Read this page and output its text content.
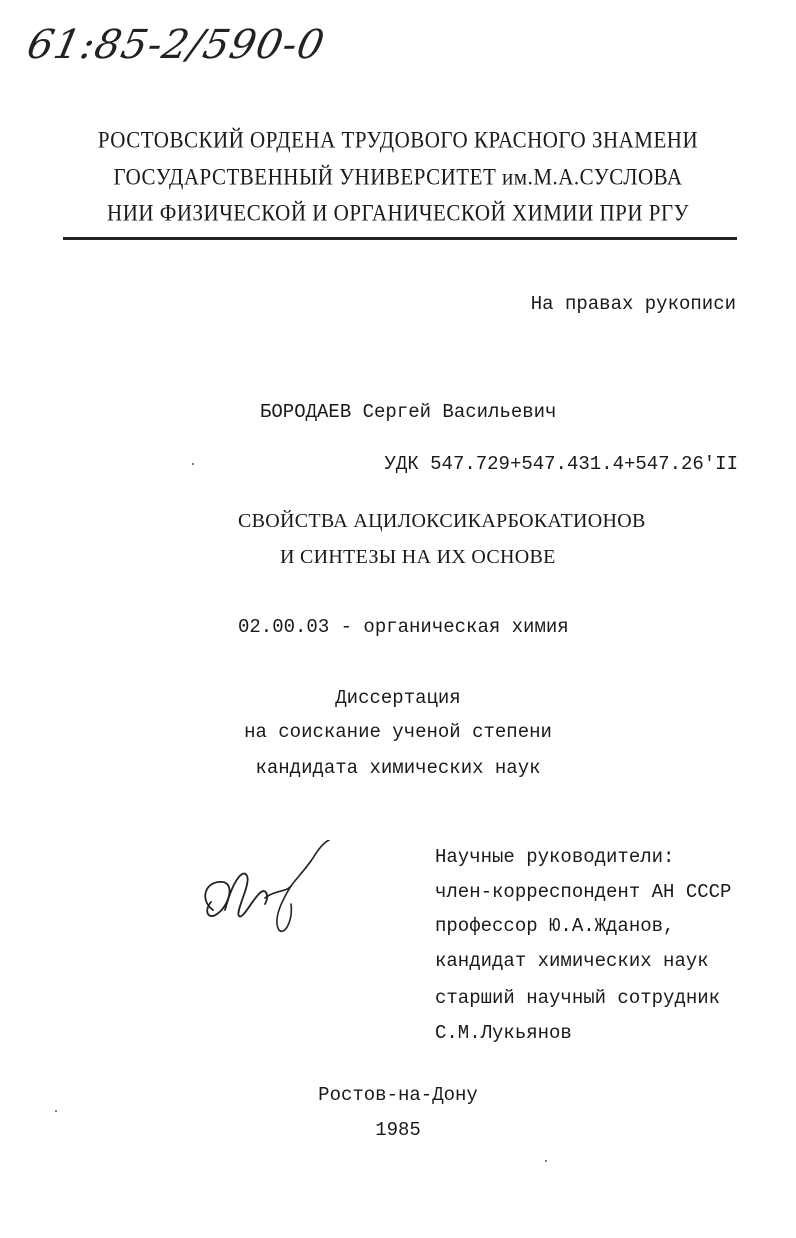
61:85-2/590-0
РОСТОВСКИЙ ОРДЕНА ТРУДОВОГО КРАСНОГО ЗНАМЕНИ
ГОСУДАРСТВЕННЫЙ УНИВЕРСИТЕТ им.М.А.СУСЛОВА
НИИ ФИЗИЧЕСКОЙ И ОРГАНИЧЕСКОЙ ХИМИИ ПРИ РГУ
На правах рукописи
БОРОДАЕВ Сергей Васильевич
УДК 547.729+547.431.4+547.26'II
СВОЙСТВА АЦИЛОКСИКАРБОКАТИОНОВ
И СИНТЕЗЫ НА ИХ ОСНОВЕ
02.00.03 - органическая химия
Диссертация
на соискание ученой степени
кандидата химических наук
Научные руководители:
член-корреспондент АН СССР
профессор Ю.А.Жданов,
кандидат химических наук
старший научный сотрудник
С.М.Лукьянов
Ростов-на-Дону
1985
